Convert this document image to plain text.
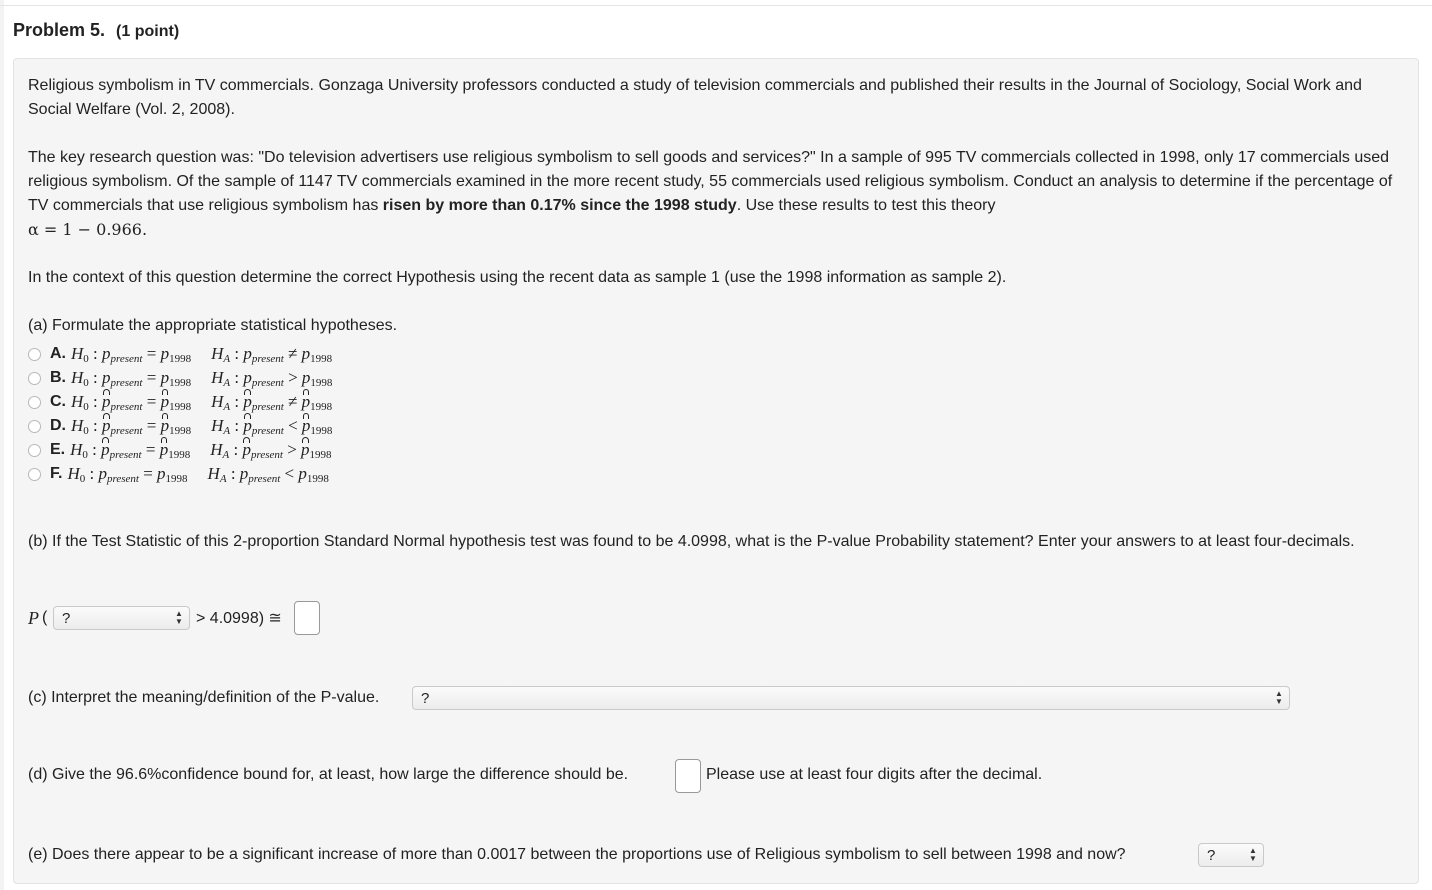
Problem 5. (1 point)
Religious symbolism in TV commercials. Gonzaga University professors conducted a study of television commercials and published their results in the Journal of Sociology, Social Work and Social Welfare (Vol. 2, 2008).
The key research question was: "Do television advertisers use religious symbolism to sell goods and services?" In a sample of 995 TV commercials collected in 1998, only 17 commercials used religious symbolism. Of the sample of 1147 TV commercials examined in the more recent study, 55 commercials used religious symbolism. Conduct an analysis to determine if the percentage of TV commercials that use religious symbolism has risen by more than 0.17% since the 1998 study. Use these results to test this theory
α = 1 − 0.966.
In the context of this question determine the correct Hypothesis using the recent data as sample 1 (use the 1998 information as sample 2).
(a) Formulate the appropriate statistical hypotheses.
A. $H_0$ : ppresent = $p_{1998}$ HA : ppresent ≠ $p_{1998}$
B. $H_0$ : ppresent = $p_{1998}$ HA : ppresent > $p_{1998}$
C. $H_0$ : ppresent = $p_{1998}$ HA : ppresent ≠ $p_{1998}$
D. $H_0$ : ppresent = $p_{1998}$ HA : ppresent < $p_{1998}$
E. $H_0$ : ppresent = $p_{1998}$ HA : ppresent > $p_{1998}$
F. $H_0$ : ppresent = $p_{1998}$ HA : ppresent < $p_{1998}$
(b) If the Test Statistic of this 2-proportion Standard Normal hypothesis test was found to be 4.0998, what is the P-value Probability statement? Enter your answers to at least four-decimals.
P ( ?	▲
▼ > 4.0998) ≅
(c) Interpret the meaning/definition of the P-value.	?	▲
▼
(d) Give the 96.6%confidence bound for, at least, how large the difference should be.	Please use at least four digits after the decimal.
(e) Does there appear to be a significant increase of more than 0.0017 between the proportions use of Religious symbolism to sell between 1998 and now?	?	▲
▼
